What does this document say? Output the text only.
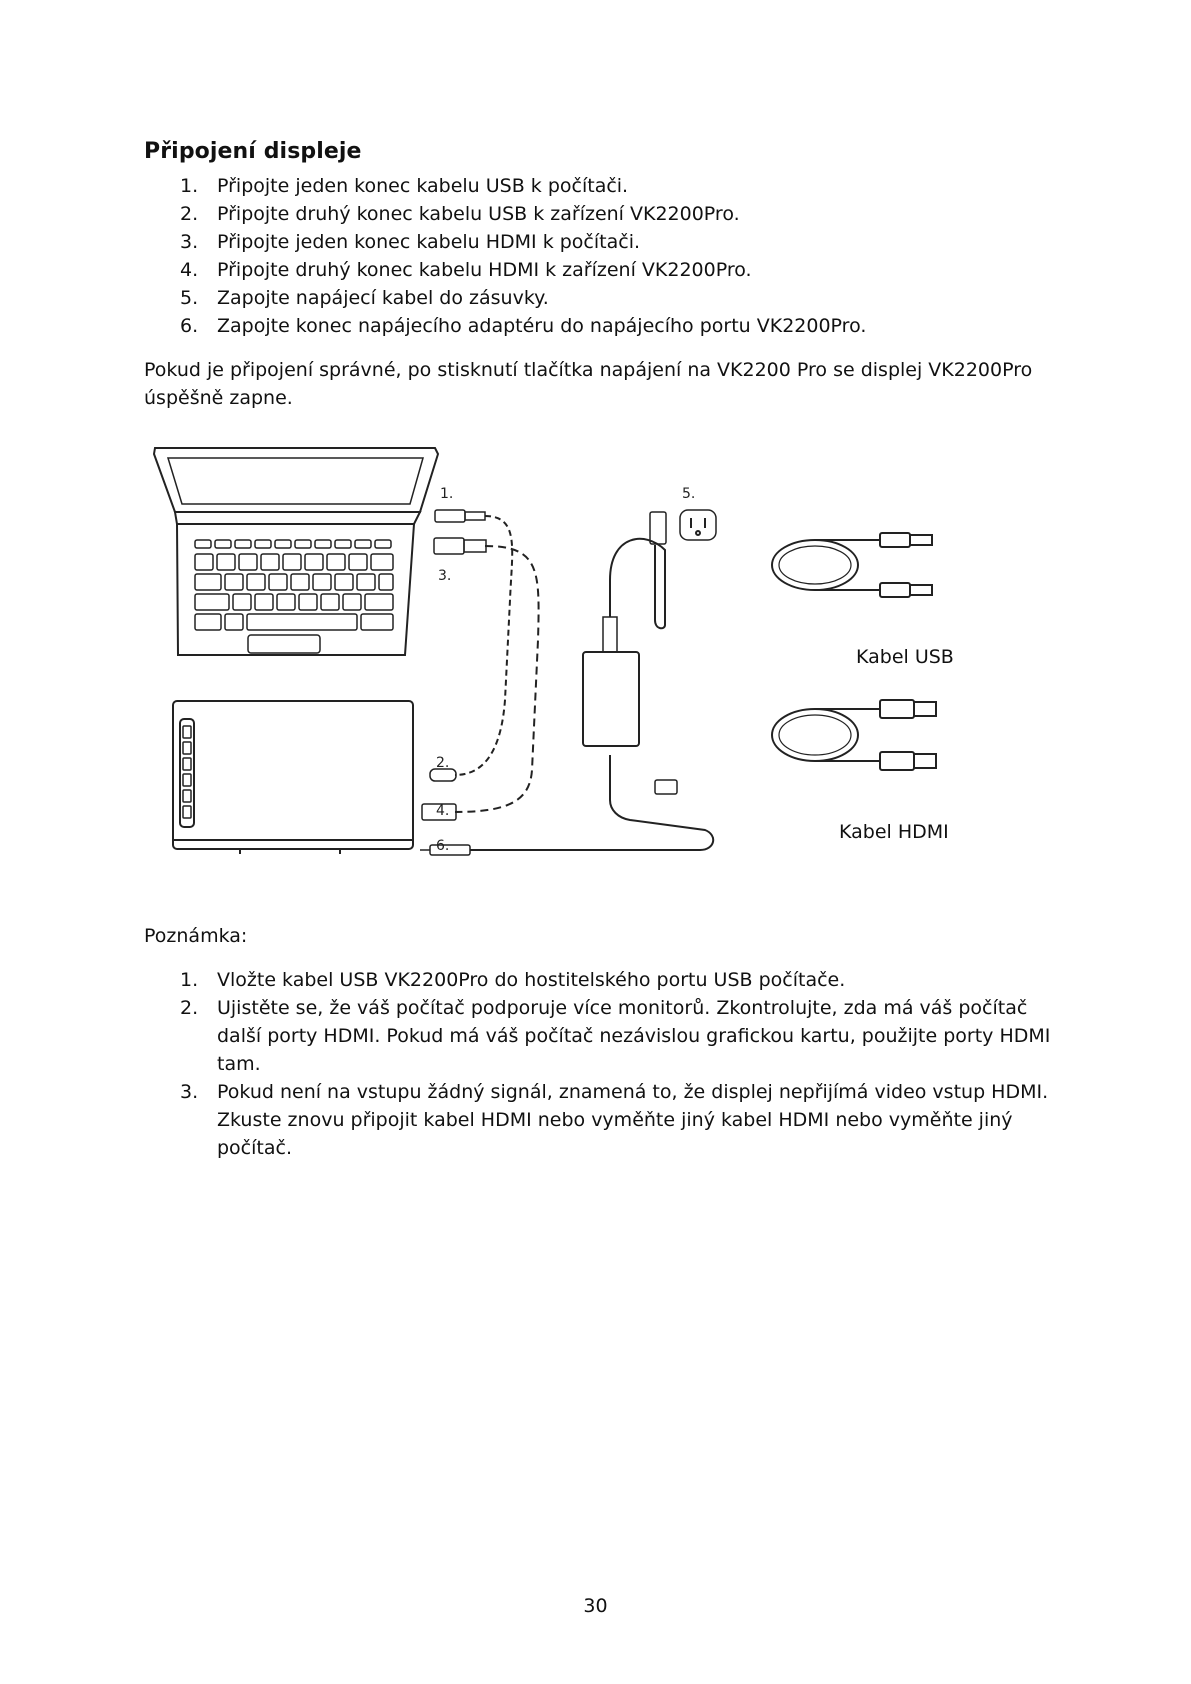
Připojení displeje
1. Připojte jeden konec kabelu USB k počítači.
2. Připojte druhý konec kabelu USB k zařízení VK2200Pro.
3. Připojte jeden konec kabelu HDMI k počítači.
4. Připojte druhý konec kabelu HDMI k zařízení VK2200Pro.
5. Zapojte napájecí kabel do zásuvky.
6. Zapojte konec napájecího adaptéru do napájecího portu VK2200Pro.

Pokud je připojení správné, po stisknutí tlačítka napájení na VK2200 Pro se displej VK2200Pro úspěšně zapne.

1.
3.
2.
4.
6.
5.
Kabel USB
Kabel HDMI

Poznámka:

1. Vložte kabel USB VK2200Pro do hostitelského portu USB počítače.
2. Ujistěte se, že váš počítač podporuje více monitorů. Zkontrolujte, zda má váš počítač další porty HDMI. Pokud má váš počítač nezávislou grafickou kartu, použijte porty HDMI tam.
3. Pokud není na vstupu žádný signál, znamená to, že displej nepřijímá video vstup HDMI. Zkuste znovu připojit kabel HDMI nebo vyměňte jiný kabel HDMI nebo vyměňte jiný počítač.
30
